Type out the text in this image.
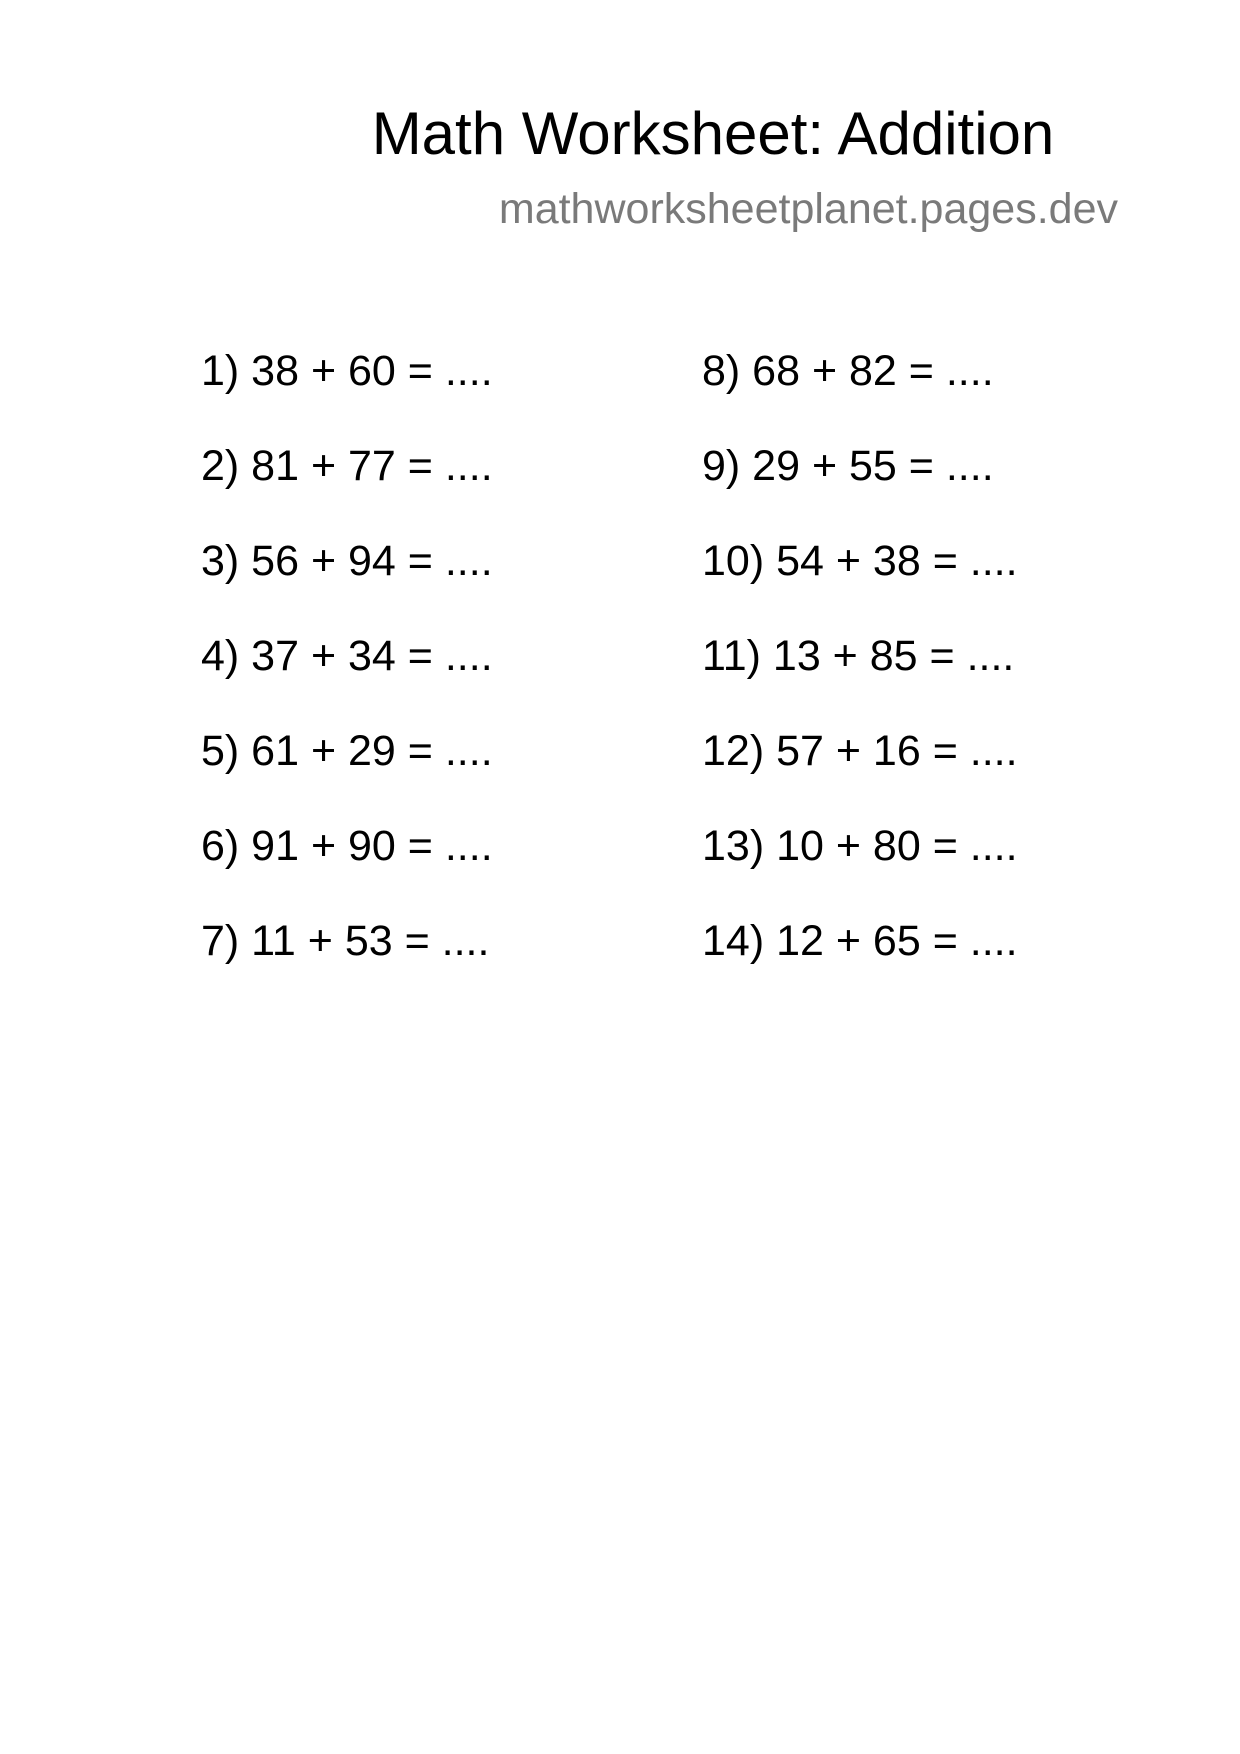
Math Worksheet: Addition
mathworksheetplanet.pages.dev
1) 38 + 60 = ....
2) 81 + 77 = ....
3) 56 + 94 = ....
4) 37 + 34 = ....
5) 61 + 29 = ....
6) 91 + 90 = ....
7) 11 + 53 = ....
8) 68 + 82 = ....
9) 29 + 55 = ....
10) 54 + 38 = ....
11) 13 + 85 = ....
12) 57 + 16 = ....
13) 10 + 80 = ....
14) 12 + 65 = ....
